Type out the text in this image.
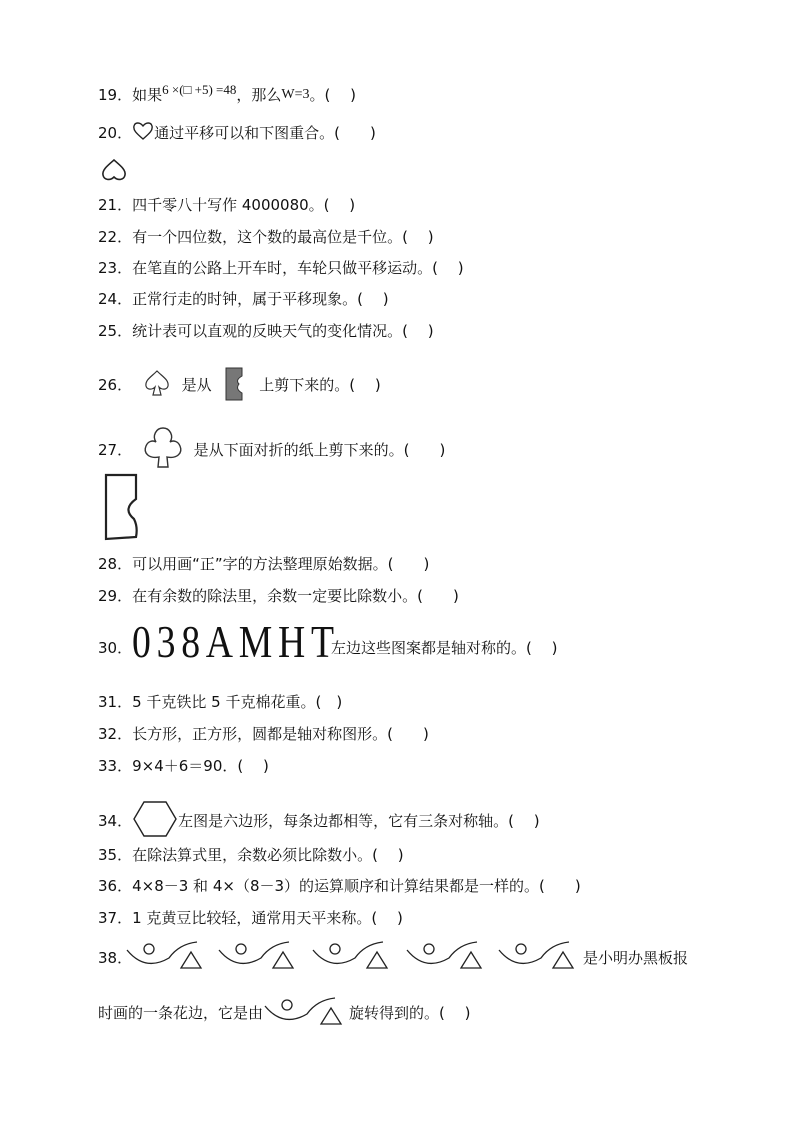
19．如果6 ×(□ +5) =48，那么W=3。(　 )
20． 通过平移可以和下图重合。(　　)
21．四千零八十写作 4000080。(　 )
22．有一个四位数，这个数的最高位是千位。(　 )
23．在笔直的公路上开车时，车轮只做平移运动。(　 )
24．正常行走的时钟，属于平移现象。(　 )
25．统计表可以直观的反映天气的变化情况。(　 )
26．	是从	上剪下来的。(　 )
27．	是从下面对折的纸上剪下来的。(　　)
28．可以用画“正”字的方法整理原始数据。(　　)
29．在有余数的除法里，余数一定要比除数小。(　　)
30． 038AMHT
左边这些图案都是轴对称的。(　 )
31．5 千克铁比 5 千克棉花重。(　)
32．长方形，正方形，圆都是轴对称图形。(　　)
33．9×4＋6＝90．(　 )
34．	左图是六边形，每条边都相等，它有三条对称轴。(　 )
35．在除法算式里，余数必须比除数小。(　 )
36．4×8－3 和 4×（8－3）的运算顺序和计算结果都是一样的。(　　)
37．1 克黄豆比较轻，通常用天平来称。(　 )
38．	是小明办黑板报
时画的一条花边，它是由	旋转得到的。(　 )
